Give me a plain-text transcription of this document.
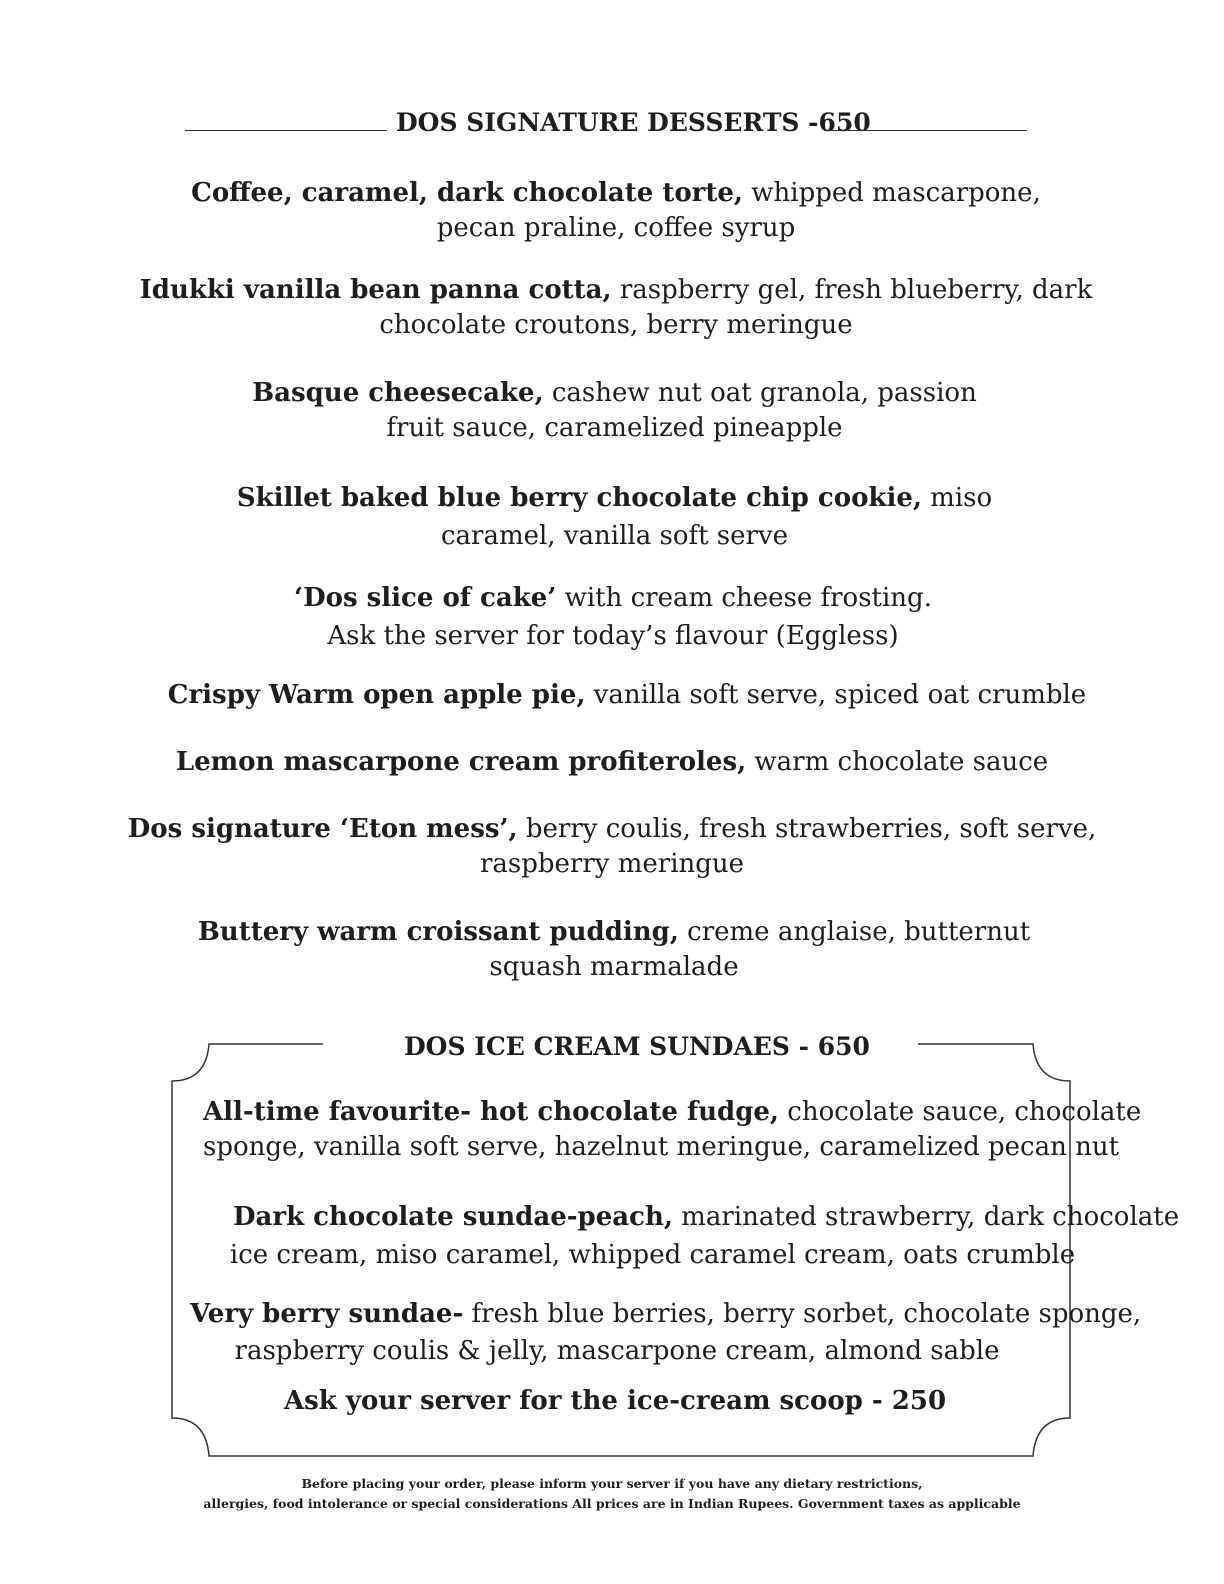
DOS SIGNATURE DESSERTS -650
Coffee, caramel, dark chocolate torte, whipped mascarpone,
pecan praline, coffee syrup
Idukki vanilla bean panna cotta, raspberry gel, fresh blueberry, dark
chocolate croutons, berry meringue
Basque cheesecake, cashew nut oat granola, passion
fruit sauce, caramelized pineapple
Skillet baked blue berry chocolate chip cookie, miso
caramel, vanilla soft serve
‘Dos slice of cake’ with cream cheese frosting.
Ask the server for today’s flavour (Eggless)
Crispy Warm open apple pie, vanilla soft serve, spiced oat crumble
Lemon mascarpone cream profiteroles, warm chocolate sauce
Dos signature ‘Eton mess’, berry coulis, fresh strawberries, soft serve,
raspberry meringue
Buttery warm croissant pudding, creme anglaise, butternut
squash marmalade
DOS ICE CREAM SUNDAES - 650
All-time favourite- hot chocolate fudge, chocolate sauce, chocolate
sponge, vanilla soft serve, hazelnut meringue, caramelized pecan nut
Dark chocolate sundae-peach, marinated strawberry, dark chocolate
ice cream, miso caramel, whipped caramel cream, oats crumble
Very berry sundae- fresh blue berries, berry sorbet, chocolate sponge,
raspberry coulis & jelly, mascarpone cream, almond sable
Ask your server for the ice-cream scoop - 250
Before placing your order, please inform your server if you have any dietary restrictions,
allergies, food intolerance or special considerations All prices are in Indian Rupees. Government taxes as applicable
